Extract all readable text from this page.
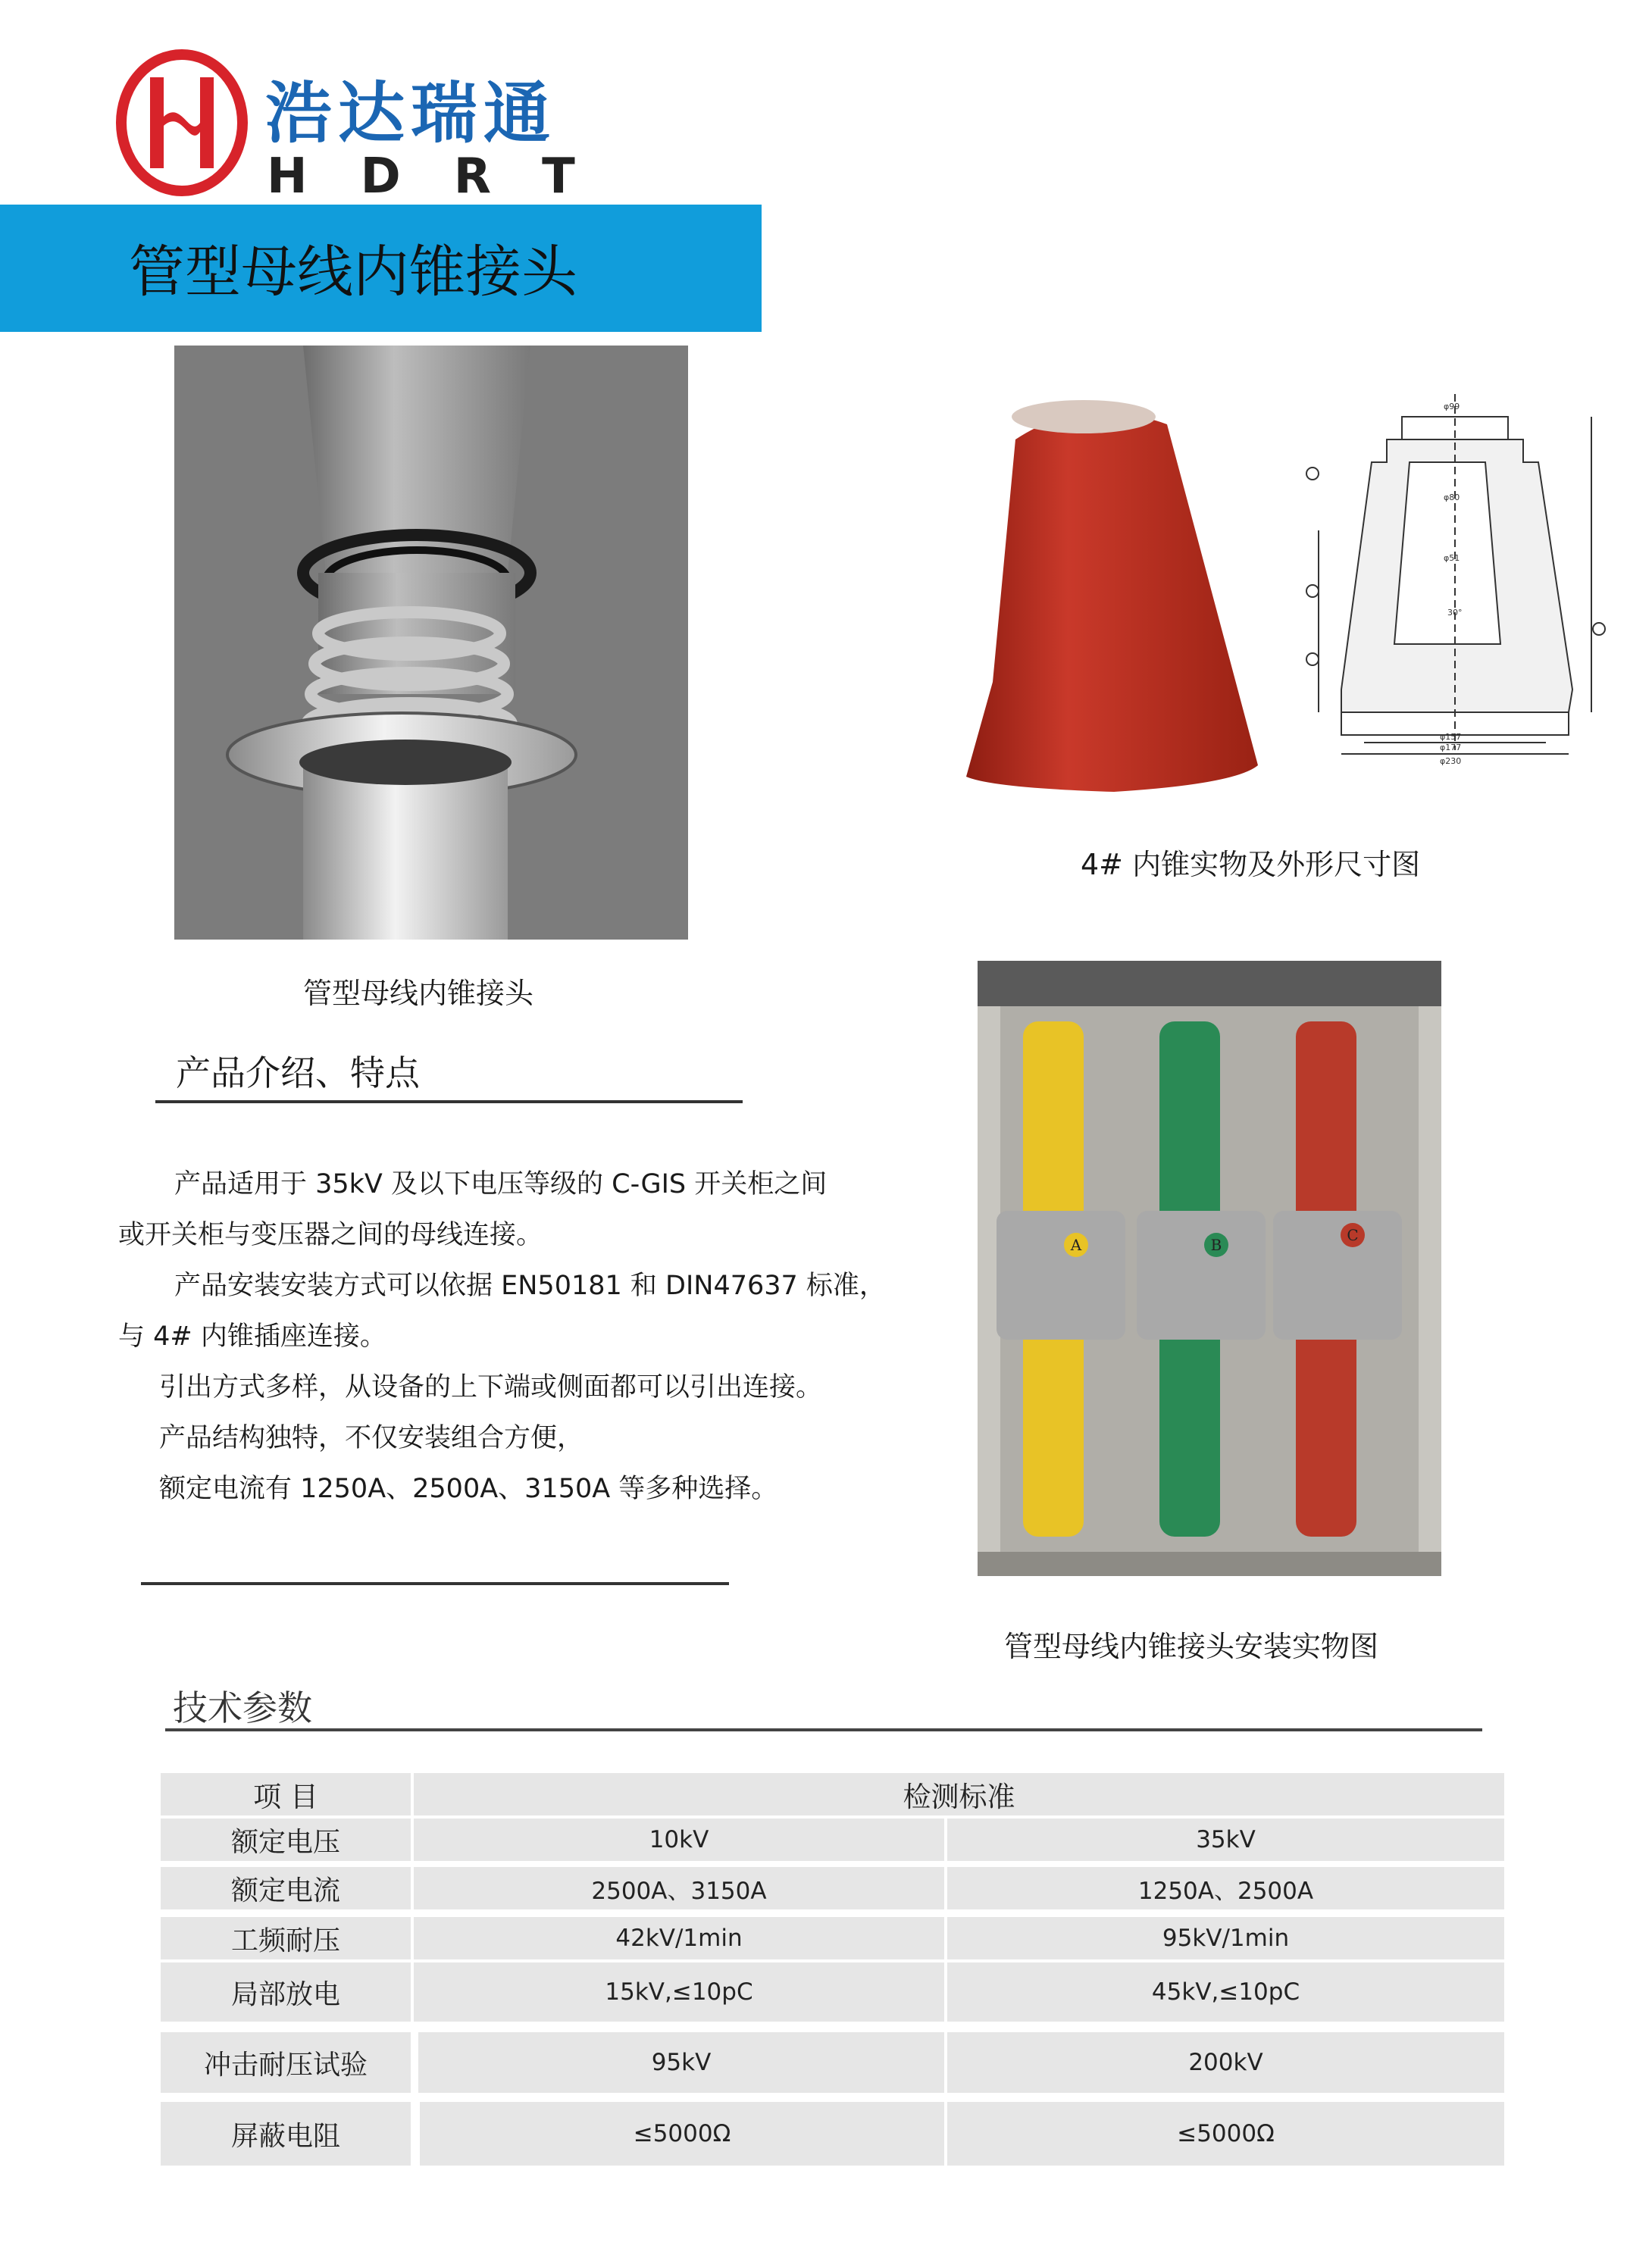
浩达瑞通
HDRT
管型母线内锥接头
管型母线内锥接头
φ99
φ80
φ51
30°
φ157
φ177
φ230
4# 内锥实物及外形尺寸图
A	B
C
管型母线内锥接头安装实物图
产品介绍、特点

产品适用于 35kV 及以下电压等级的 C-GIS 开关柜之间

或开关柜与变压器之间的母线连接。

产品安装安装方式可以依据 EN50181 和 DIN47637 标准，

与 4# 内锥插座连接。

引出方式多样，从设备的上下端或侧面都可以引出连接。

产品结构独特，不仅安装组合方便，

额定电流有 1250A、2500A、3150A 等多种选择。

技术参数
项 目	检测标准
额定电压	10kV	35kV
额定电流	2500A、3150A	1250A、2500A
工频耐压	42kV/1min	95kV/1min
局部放电	15kV,≤10pC	45kV,≤10pC
冲击耐压试验	95kV	200kV
屏蔽电阻	≤5000Ω	≤5000Ω
